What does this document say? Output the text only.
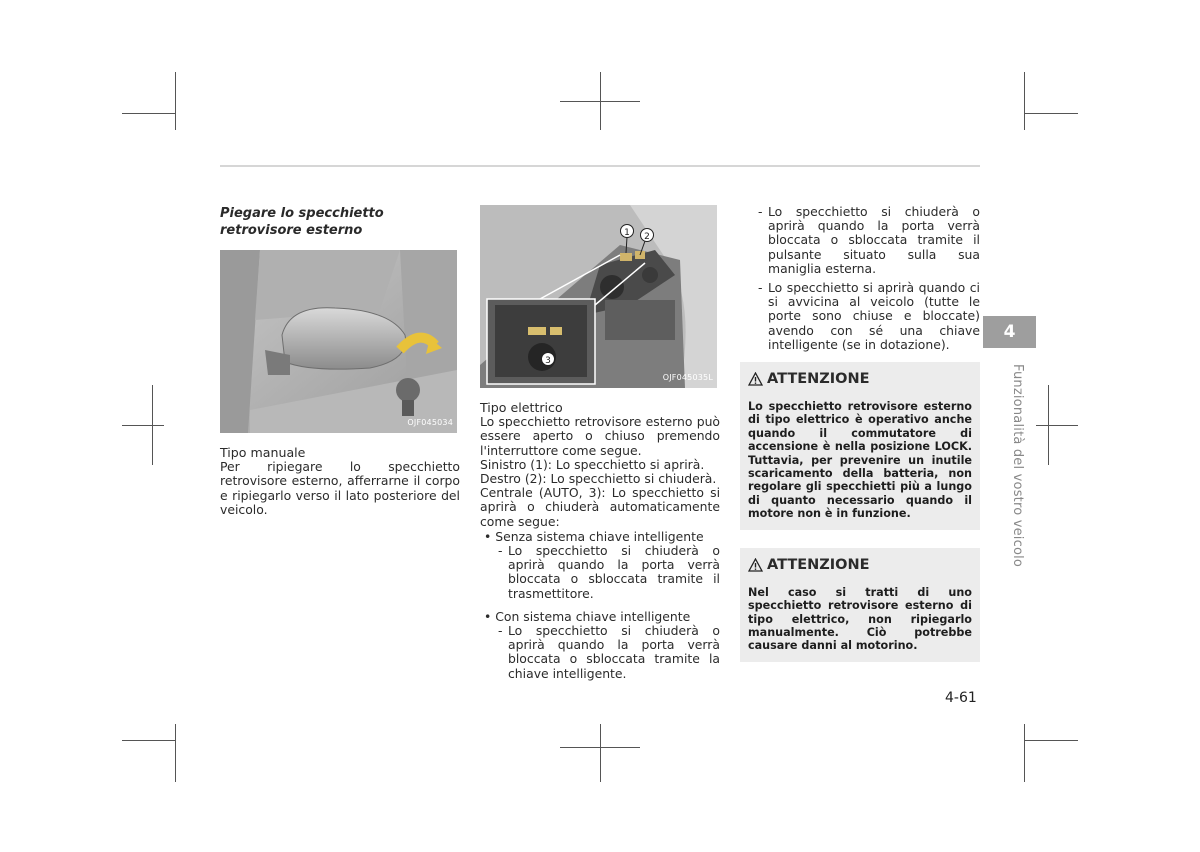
Piegare lo specchietto retrovisore esterno
OJF045034
Tipo manuale

Per ripiegare lo specchietto retrovisore esterno, afferrarne il corpo e ripiegarlo verso il lato posteriore del veicolo.

1 2
3
OJF045035L
Tipo elettrico

Lo specchietto retrovisore esterno può essere aperto o chiuso premendo l'interruttore come segue.

Sinistro (1): Lo specchietto si aprirà.

Destro (2): Lo specchietto si chiuderà.

Centrale (AUTO, 3): Lo specchietto si aprirà o chiuderà automaticamente come segue:

• Senza sistema chiave intelligente
- Lo specchietto si chiuderà o aprirà quando la porta verrà bloccata o sbloccata tramite il trasmettitore.
• Con sistema chiave intelligente
- Lo specchietto si chiuderà o aprirà quando la porta verrà bloccata o sbloccata tramite la chiave intelligente.
- Lo specchietto si chiuderà o aprirà quando la porta verrà bloccata o sbloccata tramite il pulsante situato sulla sua maniglia esterna.
- Lo specchietto si aprirà quando ci si avvicina al veicolo (tutte le porte sono chiuse e bloccate) avendo con sé una chiave intelligente (se in dotazione).
ATTENZIONE
Lo specchietto retrovisore esterno di tipo elettrico è operativo anche quando il commutatore di accensione è nella posizione LOCK. Tuttavia, per prevenire un inutile scaricamento della batteria, non regolare gli specchietti più a lungo di quanto necessario quando il motore non è in funzione.
ATTENZIONE
Nel caso si tratti di uno specchietto retrovisore esterno di tipo elettrico, non ripiegarlo manualmente. Ciò potrebbe causare danni al motorino.
4
Funzionalità del vostro veicolo
4-61
